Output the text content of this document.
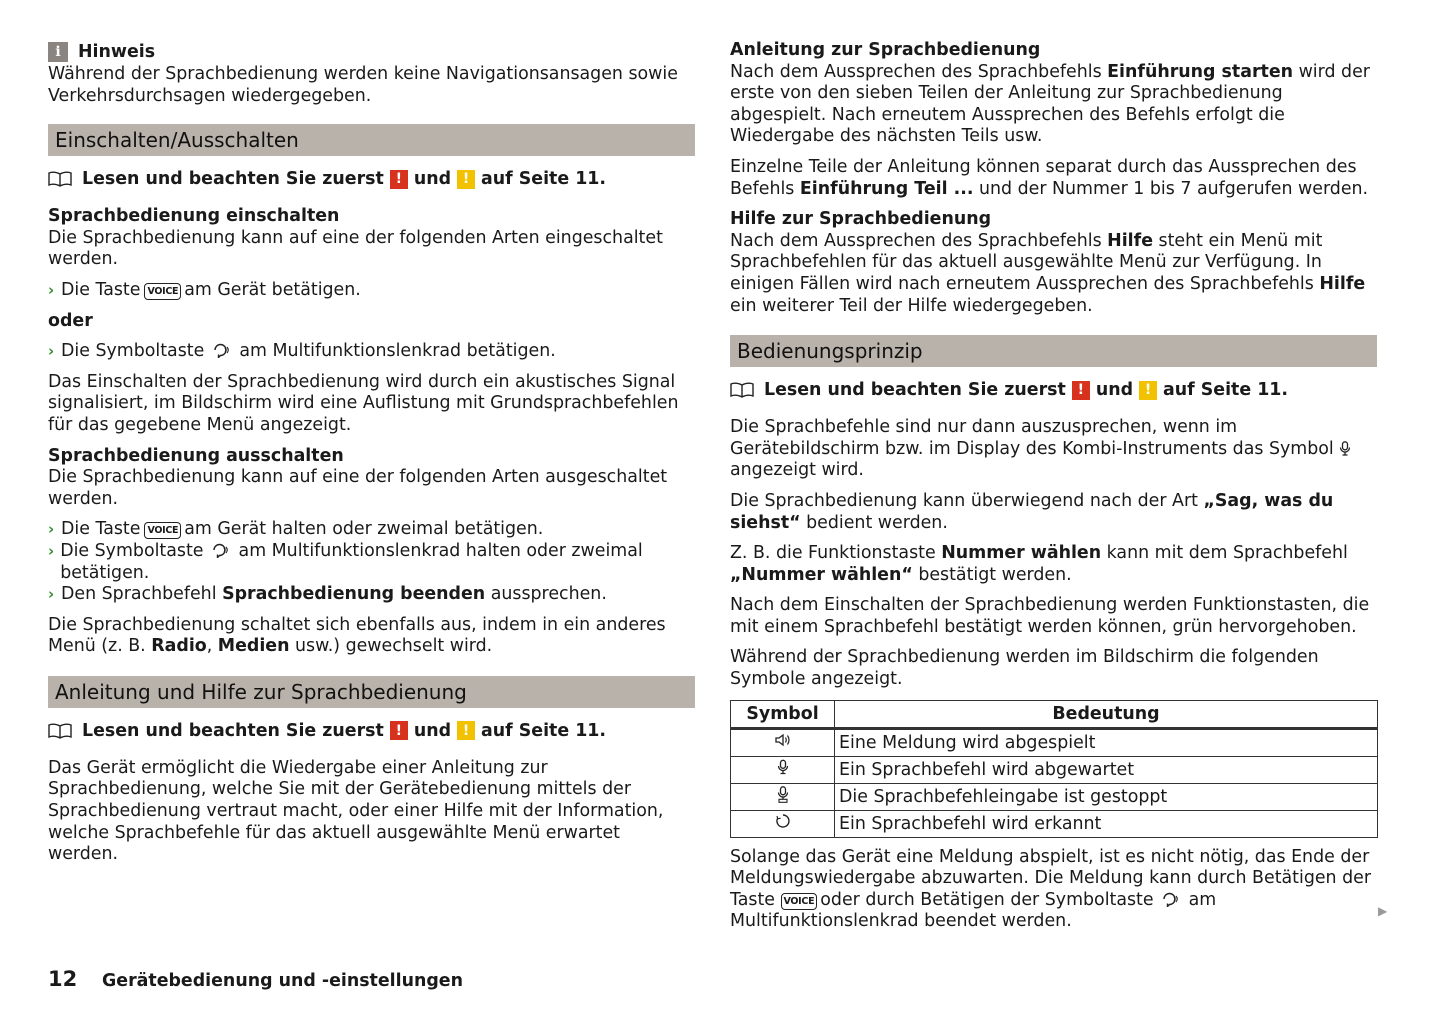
i Hinweis

Während der Sprachbedienung werden keine Navigationsansagen sowie Verkehrsdurchsagen wiedergegeben.

Einschalten/Ausschalten
Lesen und beachten Sie zuerst ! und ! auf Seite 11.
Sprachbedienung einschalten

Die Sprachbedienung kann auf eine der folgenden Arten eingeschaltet werden.

› Die Taste VOICE am Gerät betätigen.
oder
› Die Symboltaste am Multifunktionslenkrad betätigen.

Das Einschalten der Sprachbedienung wird durch ein akustisches Signal signalisiert, im Bildschirm wird eine Auflistung mit Grundsprachbefehlen für das gegebene Menü angezeigt.

Sprachbedienung ausschalten

Die Sprachbedienung kann auf eine der folgenden Arten ausgeschaltet werden.

› Die Taste VOICE am Gerät halten oder zweimal betätigen.
› Die Symboltaste am Multifunktionslenkrad halten oder zweimal betätigen.
› Den Sprachbefehl Sprachbedienung beenden aussprechen.

Die Sprachbedienung schaltet sich ebenfalls aus, indem in ein anderes Menü (z. B. Radio, Medien usw.) gewechselt wird.

Anleitung und Hilfe zur Sprachbedienung
Lesen und beachten Sie zuerst ! und ! auf Seite 11.

Das Gerät ermöglicht die Wiedergabe einer Anleitung zur Sprachbedienung, welche Sie mit der Gerätebedienung mittels der Sprachbedienung vertraut macht, oder einer Hilfe mit der Information, welche Sprachbefehle für das aktuell ausgewählte Menü erwartet werden.

Anleitung zur Sprachbedienung

Nach dem Aussprechen des Sprachbefehls Einführung starten wird der erste von den sieben Teilen der Anleitung zur Sprachbedienung abgespielt. Nach erneutem Aussprechen des Befehls erfolgt die Wiedergabe des nächsten Teils usw.

Einzelne Teile der Anleitung können separat durch das Aussprechen des Befehls Einführung Teil ... und der Nummer 1 bis 7 aufgerufen werden.

Hilfe zur Sprachbedienung

Nach dem Aussprechen des Sprachbefehls Hilfe steht ein Menü mit Sprachbefehlen für das aktuell ausgewählte Menü zur Verfügung. In einigen Fällen wird nach erneutem Aussprechen des Sprachbefehls Hilfe ein weiterer Teil der Hilfe wiedergegeben.

Bedienungsprinzip
Lesen und beachten Sie zuerst ! und ! auf Seite 11.

Die Sprachbefehle sind nur dann auszusprechen, wenn im Gerätebildschirm bzw. im Display des Kombi-Instruments das Symbol  angezeigt wird.

Die Sprachbedienung kann überwiegend nach der Art „Sag, was du siehst“ bedient werden.

Z. B. die Funktionstaste Nummer wählen kann mit dem Sprachbefehl „Nummer wählen“ bestätigt werden.

Nach dem Einschalten der Sprachbedienung werden Funktionstasten, die mit einem Sprachbefehl bestätigt werden können, grün hervorgehoben.

Während der Sprachbedienung werden im Bildschirm die folgenden Symbole angezeigt.

Symbol	Bedeutung
	Eine Meldung wird abgespielt
	Ein Sprachbefehl wird abgewartet
	Die Sprachbefehleingabe ist gestoppt
	Ein Sprachbefehl wird erkannt

Solange das Gerät eine Meldung abspielt, ist es nicht nötig, das Ende der Meldungswiedergabe abzuwarten. Die Meldung kann durch Betätigen der Taste VOICE oder durch Betätigen der Symboltaste am Multifunktionslenkrad beendet werden.

▶
12	Gerätebedienung und -einstellungen
